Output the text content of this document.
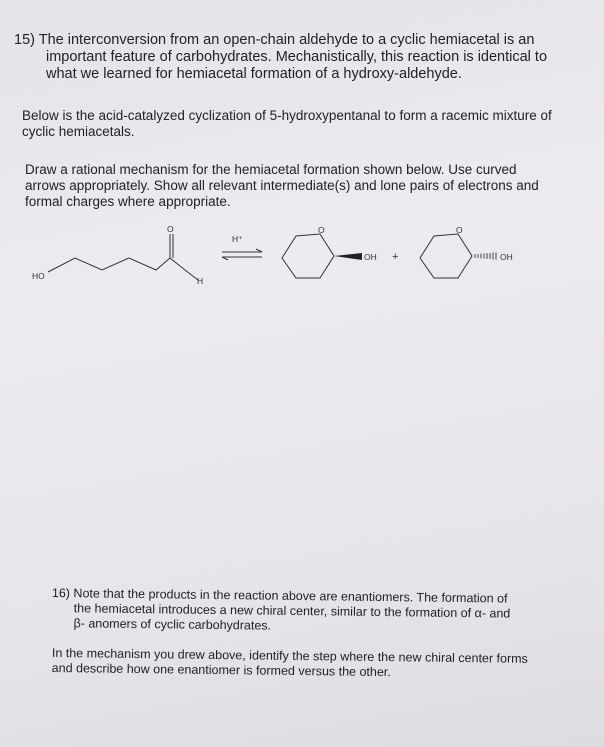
15) The interconversion from an open-chain aldehyde to a cyclic hemiacetal is an important feature of carbohydrates. Mechanistically, this reaction is identical to what we learned for hemiacetal formation of a hydroxy-aldehyde.
Below is the acid-catalyzed cyclization of 5-hydroxypentanal to form a racemic mixture of cyclic hemiacetals.
Draw a rational mechanism for the hemiacetal formation shown below. Use curved arrows appropriately. Show all relevant intermediate(s) and lone pairs of electrons and formal charges where appropriate.
HO
O
H
H⁺
O
OH +
O
OH
16) Note that the products in the reaction above are enantiomers. The formation of the hemiacetal introduces a new chiral center, similar to the formation of α- and β- anomers of cyclic carbohydrates.
In the mechanism you drew above, identify the step where the new chiral center forms and describe how one enantiomer is formed versus the other.
